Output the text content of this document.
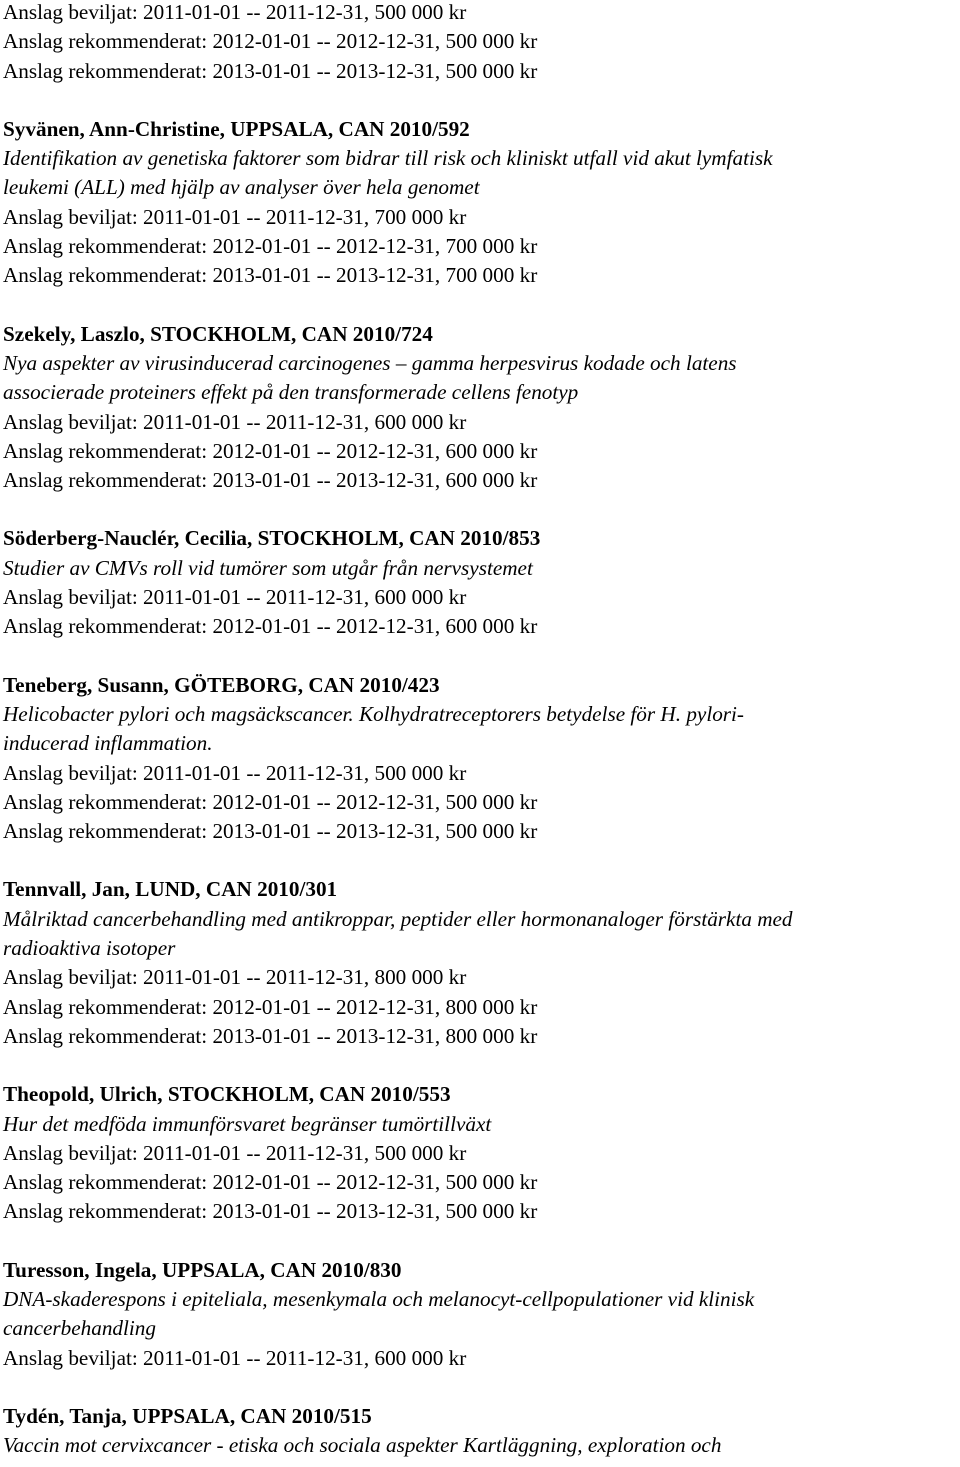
Anslag beviljat: 2011-01-01 -- 2011-12-31, 500 000 kr
Anslag rekommenderat: 2012-01-01 -- 2012-12-31, 500 000 kr
Anslag rekommenderat: 2013-01-01 -- 2013-12-31, 500 000 kr
Syvänen, Ann-Christine, UPPSALA, CAN 2010/592
Identifikation av genetiska faktorer som bidrar till risk och kliniskt utfall vid akut lymfatisk
leukemi (ALL) med hjälp av analyser över hela genomet
Anslag beviljat: 2011-01-01 -- 2011-12-31, 700 000 kr
Anslag rekommenderat: 2012-01-01 -- 2012-12-31, 700 000 kr
Anslag rekommenderat: 2013-01-01 -- 2013-12-31, 700 000 kr
Szekely, Laszlo, STOCKHOLM, CAN 2010/724
Nya aspekter av virusinducerad carcinogenes – gamma herpesvirus kodade och latens
associerade proteiners effekt på den transformerade cellens fenotyp
Anslag beviljat: 2011-01-01 -- 2011-12-31, 600 000 kr
Anslag rekommenderat: 2012-01-01 -- 2012-12-31, 600 000 kr
Anslag rekommenderat: 2013-01-01 -- 2013-12-31, 600 000 kr
Söderberg-Nauclér, Cecilia, STOCKHOLM, CAN 2010/853
Studier av CMVs roll vid tumörer som utgår från nervsystemet
Anslag beviljat: 2011-01-01 -- 2011-12-31, 600 000 kr
Anslag rekommenderat: 2012-01-01 -- 2012-12-31, 600 000 kr
Teneberg, Susann, GÖTEBORG, CAN 2010/423
Helicobacter pylori och magsäckscancer. Kolhydratreceptorers betydelse för H. pylori-
inducerad inflammation.
Anslag beviljat: 2011-01-01 -- 2011-12-31, 500 000 kr
Anslag rekommenderat: 2012-01-01 -- 2012-12-31, 500 000 kr
Anslag rekommenderat: 2013-01-01 -- 2013-12-31, 500 000 kr
Tennvall, Jan, LUND, CAN 2010/301
Målriktad cancerbehandling med antikroppar, peptider eller hormonanaloger förstärkta med
radioaktiva isotoper
Anslag beviljat: 2011-01-01 -- 2011-12-31, 800 000 kr
Anslag rekommenderat: 2012-01-01 -- 2012-12-31, 800 000 kr
Anslag rekommenderat: 2013-01-01 -- 2013-12-31, 800 000 kr
Theopold, Ulrich, STOCKHOLM, CAN 2010/553
Hur det medföda immunförsvaret begränser tumörtillväxt
Anslag beviljat: 2011-01-01 -- 2011-12-31, 500 000 kr
Anslag rekommenderat: 2012-01-01 -- 2012-12-31, 500 000 kr
Anslag rekommenderat: 2013-01-01 -- 2013-12-31, 500 000 kr
Turesson, Ingela, UPPSALA, CAN 2010/830
DNA-skaderespons i epiteliala, mesenkymala och melanocyt-cellpopulationer vid klinisk
cancerbehandling
Anslag beviljat: 2011-01-01 -- 2011-12-31, 600 000 kr
Tydén, Tanja, UPPSALA, CAN 2010/515
Vaccin mot cervixcancer - etiska och sociala aspekter Kartläggning, exploration och
